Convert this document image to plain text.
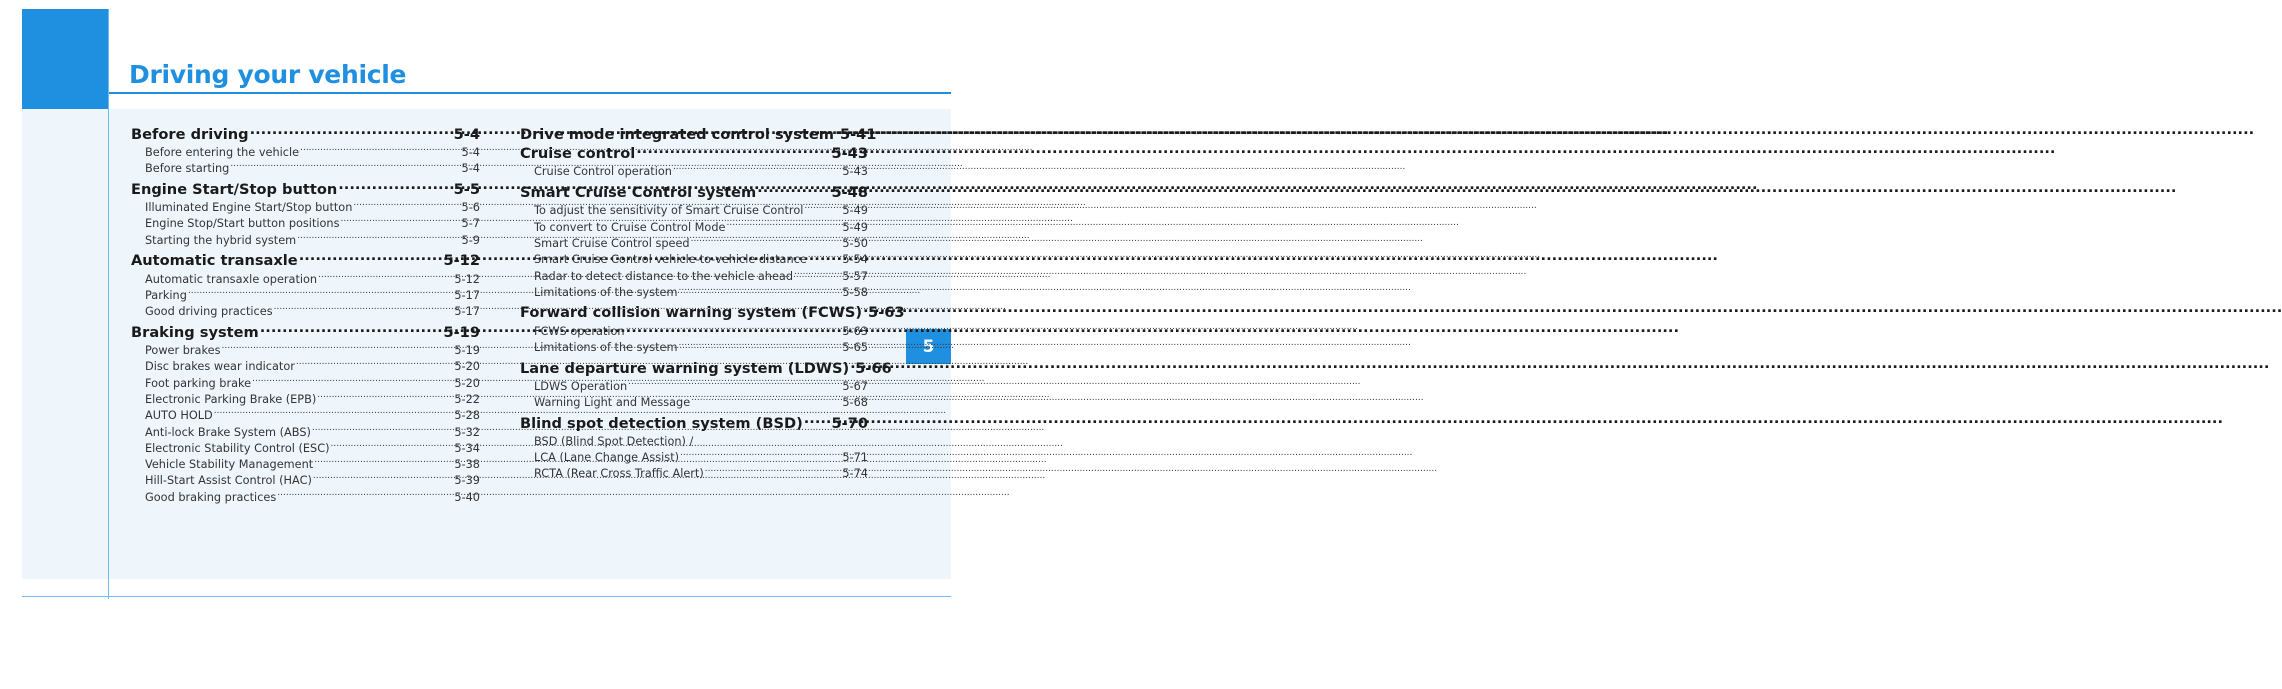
Driving your vehicle
5
Before driving .....	5-4
Before entering the vehicle .....	5-4
Before starting .....	5-4
Engine Start/Stop button .....	5-5
Illuminated Engine Start/Stop button .....	5-6
Engine Stop/Start button positions .....	5-7
Starting the hybrid system .....	5-9
Automatic transaxle .....	5-12
Automatic transaxle operation .....	5-12
Parking .....	5-17
Good driving practices .....	5-17
Braking system .....	5-19
Power brakes .....	5-19
Disc brakes wear indicator .....	5-20
Foot parking brake .....	5-20
Electronic Parking Brake (EPB) .....	5-22
AUTO HOLD .....	5-28
Anti-lock Brake System (ABS) .....	5-32
Electronic Stability Control (ESC) .....	5-34
Vehicle Stability Management .....	5-38
Hill-Start Assist Control (HAC) .....	5-39
Good braking practices .....	5-40
Drive mode integrated control system ..... 5-41
Cruise control .....	5-43
Cruise Control operation .....	5-43
Smart Cruise Control system .....	5-48
To adjust the sensitivity of Smart Cruise Control .....	5-49
To convert to Cruise Control Mode .....	5-49
Smart Cruise Control speed .....	5-50
Smart Cruise Control vehicle-to-vehicle distance .....	5-54
Radar to detect distance to the vehicle ahead .....	5-57
Limitations of the system .....	5-58
Forward collision warning system (FCWS) ..... 5-63
FCWS operation .....	5-63
Limitations of the system .....	5-65
Lane departure warning system (LDWS) ..... 5-66
LDWS Operation .....	5-67
Warning Light and Message .....	5-68
Blind spot detection system (BSD) ..... 5-70
BSD (Blind Spot Detection) /
LCA (Lane Change Assist) .....	5-71
RCTA (Rear Cross Traffic Alert) .....	5-74
